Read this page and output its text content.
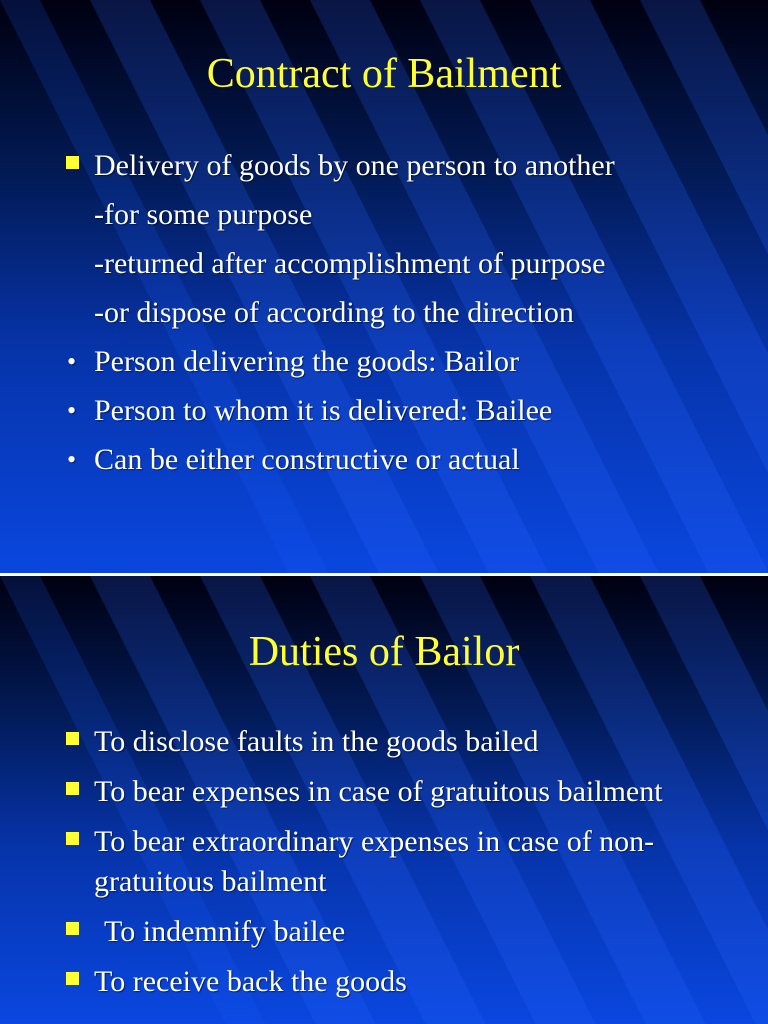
Contract of Bailment
Delivery of goods by one person to another
-for some purpose
-returned after accomplishment of purpose
-or dispose of according to the direction
• Person delivering the goods: Bailor
• Person to whom it is delivered: Bailee
• Can be either constructive or actual
Duties of Bailor
To disclose faults in the goods bailed
To bear expenses in case of gratuitous bailment
To bear extraordinary expenses in case of non- gratuitous bailment
To indemnify bailee
To receive back the goods
